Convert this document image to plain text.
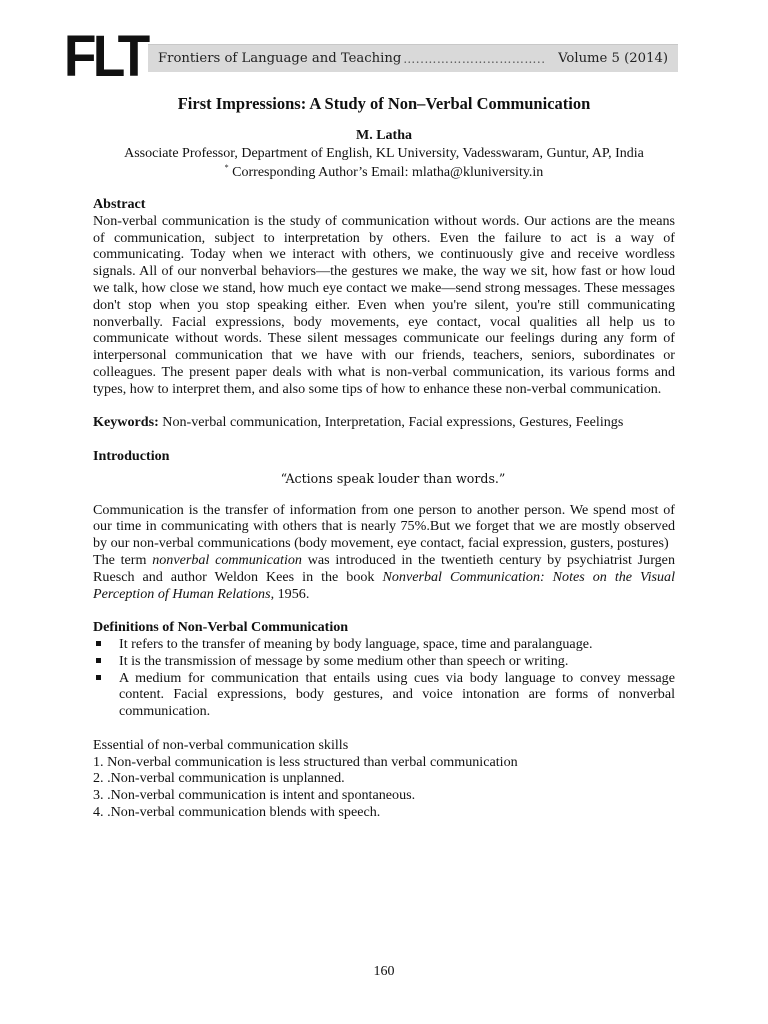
FLT Frontiers of Language and Teaching …..……………………….. Volume 5 (2014)
First Impressions: A Study of Non–Verbal Communication
M. Latha
Associate Professor, Department of English, KL University, Vadesswaram, Guntur, AP, India
* Corresponding Author’s Email: mlatha@kluniversity.in

Abstract

Non-verbal communication is the study of communication without words. Our actions are the means of communication, subject to interpretation by others. Even the failure to act is a way of communicating. Today when we interact with others, we continuously give and receive wordless signals. All of our nonverbal behaviors—the gestures we make, the way we sit, how fast or how loud we talk, how close we stand, how much eye contact we make—send strong messages. These messages don't stop when you stop speaking either. Even when you're silent, you're still communicating nonverbally. Facial expressions, body movements, eye contact, vocal qualities all help us to communicate without words. These silent messages communicate our feelings during any form of interpersonal communication that we have with our friends, teachers, seniors, subordinates or colleagues. The present paper deals with what is non-verbal communication, its various forms and types, how to interpret them, and also some tips of how to enhance these non-verbal communication.

Keywords: Non-verbal communication, Interpretation, Facial expressions, Gestures, Feelings

Introduction

“Actions speak louder than words.”

Communication is the transfer of information from one person to another person. We spend most of our time in communicating with others that is nearly 75%.But we forget that we are mostly observed by our non-verbal communications (body movement, eye contact, facial expression, gusters, postures)

The term nonverbal communication was introduced in the twentieth century by psychiatrist Jurgen Ruesch and author Weldon Kees in the book Nonverbal Communication: Notes on the Visual Perception of Human Relations, 1956.

Definitions of Non-Verbal Communication

It refers to the transfer of meaning by body language, space, time and paralanguage.
It is the transmission of message by some medium other than speech or writing.
A medium for communication that entails using cues via body language to convey message content. Facial expressions, body gestures, and voice intonation are forms of nonverbal communication.

Essential of non-verbal communication skills

1. Non-verbal communication is less structured than verbal communication

2. .Non-verbal communication is unplanned.

3. .Non-verbal communication is intent and spontaneous.

4. .Non-verbal communication blends with speech.

160
